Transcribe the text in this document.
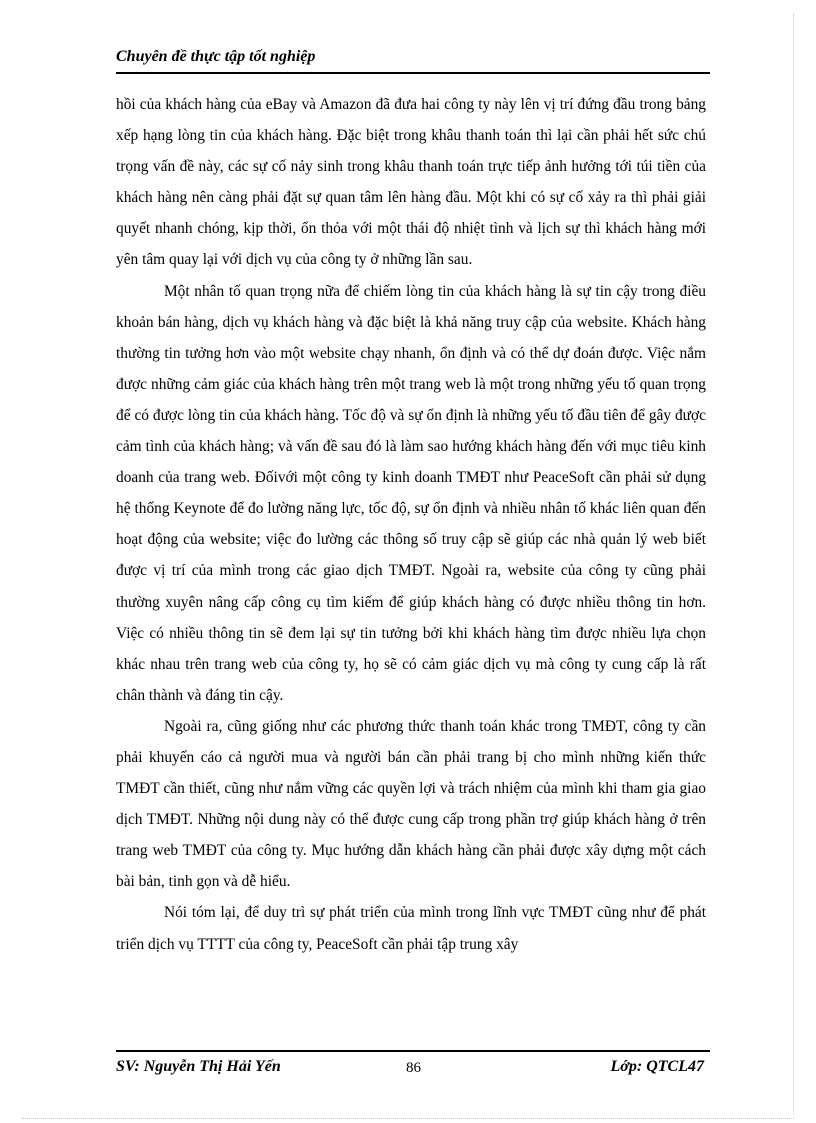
Chuyên đề thực tập tốt nghiệp

hồi của khách hàng của eBay và Amazon đã đưa hai công ty này lên vị trí đứng đầu trong bảng xếp hạng lòng tin của khách hàng. Đặc biệt trong khâu thanh toán thì lại cần phải hết sức chú trọng vấn đề này, các sự cố nảy sinh trong khâu thanh toán trực tiếp ảnh hưởng tới túi tiền của khách hàng nên càng phải đặt sự quan tâm lên hàng đầu. Một khi có sự cố xảy ra thì phải giải quyết nhanh chóng, kịp thời, ổn thỏa với một thái độ nhiệt tình và lịch sự thì khách hàng mới yên tâm quay lại với dịch vụ của công ty ở những lần sau.

Một nhân tố quan trọng nữa để chiếm lòng tin của khách hàng là sự tin cậy trong điều khoản bán hàng, dịch vụ khách hàng và đặc biệt là khả năng truy cập của website. Khách hàng thường tin tưởng hơn vào một website chạy nhanh, ổn định và có thể dự đoán được. Việc nắm được những cảm giác của khách hàng trên một trang web là một trong những yếu tố quan trọng để có được lòng tin của khách hàng. Tốc độ và sự ổn định là những yếu tố đầu tiên để gây được cảm tình của khách hàng; và vấn đề sau đó là làm sao hướng khách hàng đến với mục tiêu kinh doanh của trang web. Đốivới một công ty kinh doanh TMĐT như PeaceSoft cần phải sử dụng hệ thống Keynote để đo lường năng lực, tốc độ, sự ổn định và nhiều nhân tố khác liên quan đến hoạt động của website; việc đo lường các thông số truy cập sẽ giúp các nhà quản lý web biết được vị trí của mình trong các giao dịch TMĐT. Ngoài ra, website của công ty cũng phải thường xuyên nâng cấp công cụ tìm kiếm để giúp khách hàng có được nhiều thông tin hơn. Việc có nhiều thông tin sẽ đem lại sự tin tưởng bởi khi khách hàng tìm được nhiều lựa chọn khác nhau trên trang web của công ty, họ sẽ có cảm giác dịch vụ mà công ty cung cấp là rất chân thành và đáng tin cậy.

Ngoài ra, cũng giống như các phương thức thanh toán khác trong TMĐT, công ty cần phải khuyến cáo cả người mua và người bán cần phải trang bị cho mình những kiến thức TMĐT cần thiết, cũng như nắm vững các quyền lợi và trách nhiệm của mình khi tham gia giao dịch TMĐT. Những nội dung này có thể được cung cấp trong phần trợ giúp khách hàng ở trên trang web TMĐT của công ty. Mục hướng dẫn khách hàng cần phải được xây dựng một cách bài bản, tinh gọn và dễ hiểu.

Nói tóm lại, để duy trì sự phát triển của mình trong lĩnh vực TMĐT cũng như để phát triển dịch vụ TTTT của công ty, PeaceSoft cần phải tập trung xây

SV: Nguyễn Thị Hải Yến	86	Lớp: QTCL47
